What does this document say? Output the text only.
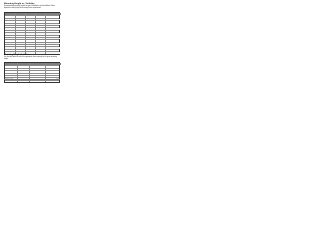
Mounting Height vs. Visibility
Recommended mounting heights for typical installations are listed below. Values depend on ceiling height and coverage area requirements.
Height	Ft	M	Area	Notes
6	6	1.8	120	Standard
8	8	2.4	160	Standard
10	10	3.0	200	Standard
12	12	3.7	240	Standard
14	14	4.3	280	High
16	16	4.9	320	High
18	18	5.5	360	High
20	20	6.1	400	High
22	22	6.7	440	Very High
24	24	7.3	480	Very High
26	26	7.9	520	Very High
28	28	8.5	560	Very High
30	30	9.1	600	Very High
32	32	9.8	640	Very High
34	34	10.4	680	Very High
36	36	11.0	720	Very High
Mounting Height Guidelines
Use the table below to select the appropriate fixture spacing for the given mounting height.
Ht	Spacing	Min	Max
8	10	8	12
10	12	10	14
12	14	12	16
14	16	14	18
16	18	16	20
18	20	18	22
20	22	20	24
Installation Guide	Page 1
